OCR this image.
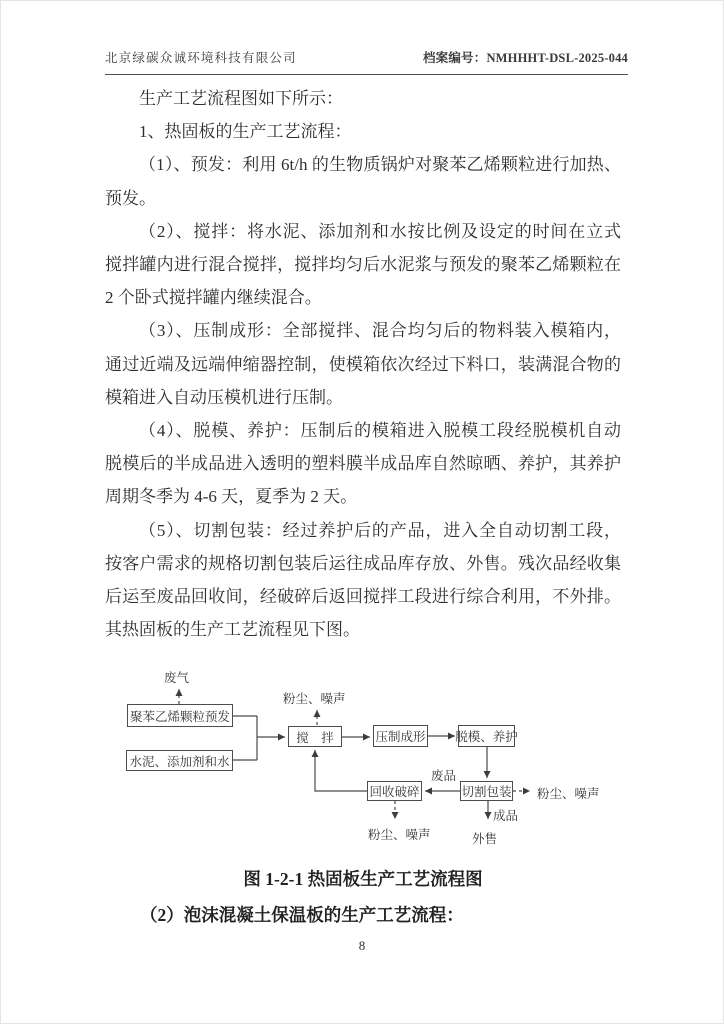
北京绿碳众诚环境科技有限公司	档案编号：NMHHHT-DSL-2025-044
生产工艺流程图如下所示：
1、热固板的生产工艺流程：
（1）、预发：利用 6t/h 的生物质锅炉对聚苯乙烯颗粒进行加热、
预发。
（2）、搅拌：将水泥、添加剂和水按比例及设定的时间在立式
搅拌罐内进行混合搅拌，搅拌均匀后水泥浆与预发的聚苯乙烯颗粒在
2 个卧式搅拌罐内继续混合。
（3）、压制成形：全部搅拌、混合均匀后的物料装入模箱内，
通过近端及远端伸缩器控制，使模箱依次经过下料口，装满混合物的
模箱进入自动压模机进行压制。
（4）、脱模、养护：压制后的模箱进入脱模工段经脱模机自动
脱模后的半成品进入透明的塑料膜半成品库自然晾晒、养护，其养护
周期冬季为 4-6 天，夏季为 2 天。
（5）、切割包装：经过养护后的产品，进入全自动切割工段，
按客户需求的规格切割包装后运往成品库存放、外售。残次品经收集
后运至废品回收间，经破碎后返回搅拌工段进行综合利用，不外排。
其热固板的生产工艺流程见下图。
聚苯乙烯颗粒预发
水泥、添加剂和水
搅　拌	压制成形 脱模、养护
切割包装
回收破碎
废气
粉尘、噪声
废品
粉尘、噪声
成品
外售
粉尘、噪声
图 1-2-1 热固板生产工艺流程图
（2）泡沫混凝土保温板的生产工艺流程：
8
